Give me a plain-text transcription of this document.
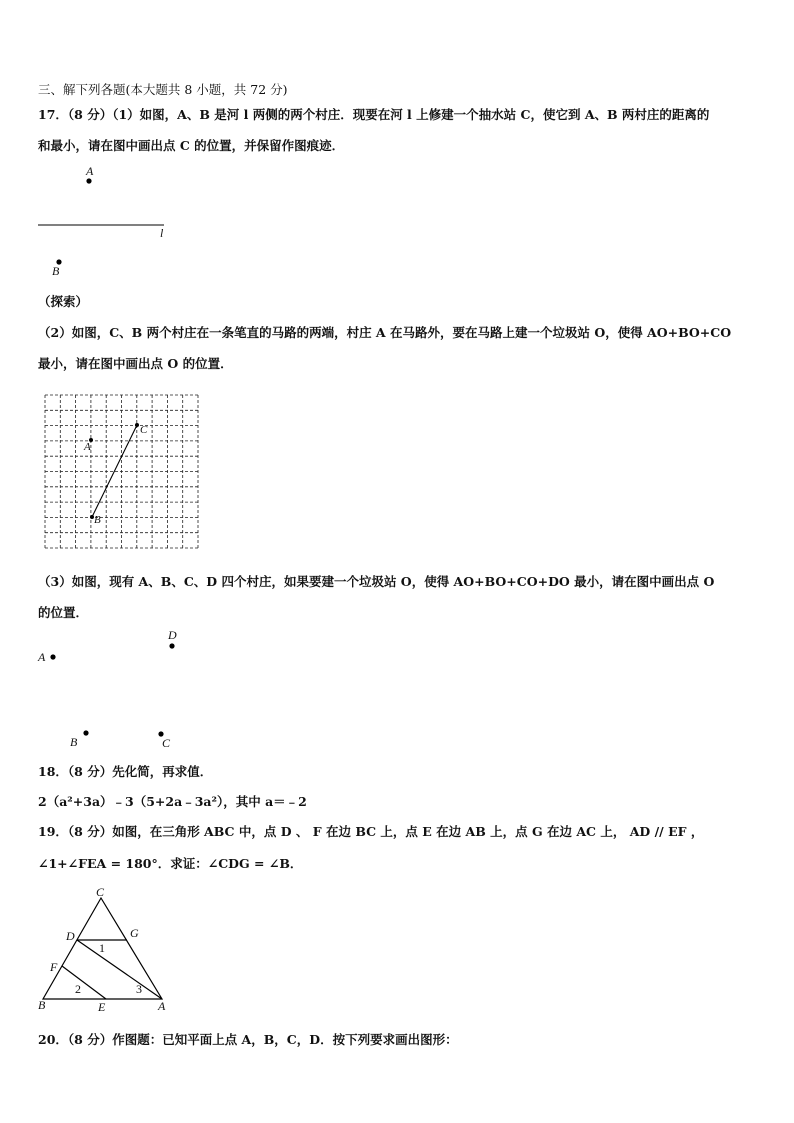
三、解下列各题(本大题共 8 小题，共 72 分)
17．（8 分）（1）如图，A、B 是河 l 两侧的两个村庄．现要在河 l 上修建一个抽水站 C，使它到 A、B 两村庄的距离的
和最小，请在图中画出点 C 的位置，并保留作图痕迹．
A
l
B
（探索）
（2）如图，C、B 两个村庄在一条笔直的马路的两端，村庄 A 在马路外，要在马路上建一个垃圾站 O，使得 AO+BO+CO
最小，请在图中画出点 O 的位置．
A
B
C
（3）如图，现有 A、B、C、D 四个村庄，如果要建一个垃圾站 O，使得 AO+BO+CO+DO 最小，请在图中画出点 O
的位置．
A
D
B	C
18．（8 分）先化简，再求值．
2（a²+3a）﹣3（5+2a﹣3a²），其中 a＝﹣2
19．（8 分）如图，在三角形 ABC 中，点 D 、 F 在边 BC 上，点 E 在边 AB 上，点 G 在边 AC 上， AD // EF ，
∠1+∠FEA = 180°．求证：∠CDG = ∠B．
C
D	G
F
B	E	A
1
2	3
20．（8 分）作图题：已知平面上点 A，B，C，D．按下列要求画出图形：
